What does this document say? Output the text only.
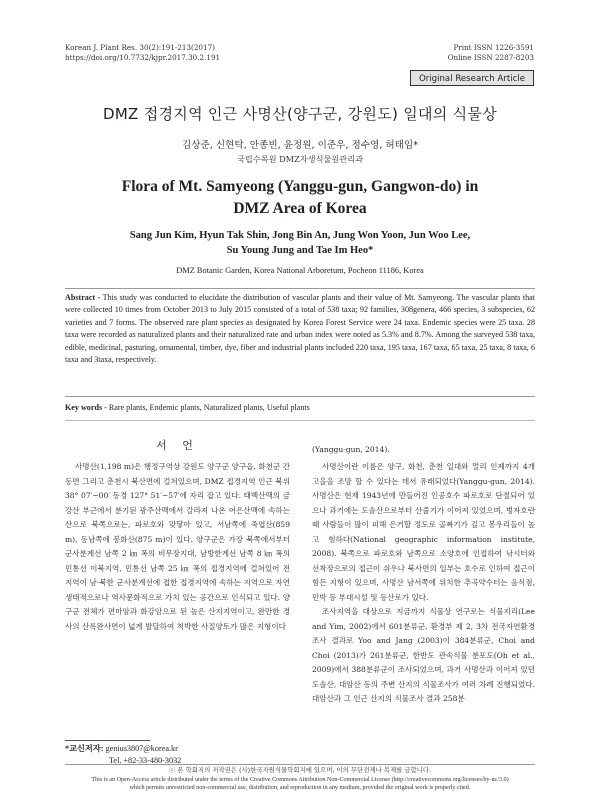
Korean J. Plant Res. 30(2):191-213(2017)
https://doi.org/10.7732/kjpr.2017.30.2.191
Print ISSN 1226-3591
Online ISSN 2287-8203
Original Research Article
DMZ 접경지역 인근 사명산(양구군, 강원도) 일대의 식물상
김상준, 신현탁, 안종빈, 윤정원, 이준우, 정수영, 허태임*
국립수목원 DMZ자생식물원관리과
Flora of Mt. Samyeong (Yanggu-gun, Gangwon-do) in
DMZ Area of Korea
Sang Jun Kim, Hyun Tak Shin, Jong Bin An, Jung Won Yoon, Jun Woo Lee,
Su Young Jung and Tae Im Heo*
DMZ Botanic Garden, Korea National Arboretum, Pocheon 11186, Korea
Abstract - This study was conducted to elucidate the distribution of vascular plants and their value of Mt. Samyeong. The vascular plants that were collected 10 times from October 2013 to July 2015 consisted of a total of 538 taxa; 92 families, 308genera, 466 species, 3 subspecies, 62 varieties and 7 forms. The observed rare plant species as designated by Korea Forest Service were 24 taxa. Endemic species were 25 taxa. 28 taxa were recorded as naturalized plants and their naturalized rate and urban index were noted as 5.3% and 8.7%. Among the surveyed 538 taxa, edible, medicinal, pasturing, ornamental, timber, dye, fiber and industrial plants included 220 taxa, 195 taxa, 167 taxa, 65 taxa, 25 taxa, 8 taxa, 6 taxa and 3taxa, respectively.
Key words - Rare plants, Endemic plants, Naturalized plants, Useful plants
서 언
사명산(1,198 m)은 행정구역상 강원도 양구군 양구읍, 화천군 간동면 그리고 춘천시 북산면에 걸쳐있으며, DMZ 접경지역 인근 북위 38° 07′~00′ 동경 127° 51′~57′에 자리 잡고 있다. 태백산맥의 금강산 부근에서 분기된 광주산맥에서 갈라져 나온 어은산맥에 속하는 산으로 북쪽으로는, 파로호와 맞닿아 있고, 서남쪽에 죽엽산(859 m), 동남쪽에 봉화산(875 m)이 있다. 양구군은 가장 북쪽에서부터 군사분계선 남쪽 2 ㎞ 폭의 비무장지대, 남방한계선 남쪽 8 ㎞ 폭의 민통선 이북지역, 민통선 남쪽 25 ㎞ 폭의 접경지역에 걸쳐있어 전 지역이 남·북한 군사분계선에 접한 접경지역에 속하는 지역으로 자연생태적으로나 역사문화적으로 가치 있는 공간으로 인식되고 있다. 양구군 전체가 편마암과 화강암으로 된 높은 산지지역이고, 완만한 경사의 산록완사면이 넓게 발달하여 척박한 사질양토가 많은 지형이다
(Yanggu-gun, 2014).

사명산이란 이름은 양구, 화천, 춘천 일대와 멀리 인제까지 4개 고을을 조망 할 수 있다는 데서 유래되었다(Yanggu-gun, 2014). 사명산은 현재 1943년에 만들어진 인공호수 파로호로 단절되어 있으나 과거에는 도솔산으로부터 산줄기가 이어져 있었으며, 벙자호란 때 사람들이 많이 피해 은거할 정도로 골짜기가 깊고 봉우리들이 높고 험하다(National geographic information institute, 2008). 북쪽으로 파로호와 남쪽으로 소양호에 인접하여 낚시터와 선착장으로의 접근이 쉬우나 북사면의 일부는 호수로 인하여 접근이 힘든 지형이 있으며, 사명산 남서쪽에 위치한 추곡약수터는 음식점, 민박 등 부대시설 및 등산로가 있다.

조사지역을 대상으로 지금까지 식물상 연구로는 식물지리(Lee and Yim, 2002)에서 601분류군, 환경부 제 2, 3차 전국자연환경조사 결과로 Yoo and Jang (2003)이 384분류군, Choi and Choi (2013)가 261분류군, 한반도 관속식물 분포도(Oh et al., 2009)에서 388분류군이 조사되었으며, 과거 사명산과 이어져 있던 도솔산, 대암산 등의 주변 산지의 식물조사가 여러 차례 진행되었다. 대암산과 그 인근 산지의 식물조사 결과 258분

*교신저자: genius3807@korea.kr
Tel. +82-33-480-3032
ⓒ 본 학회지의 저작권은 (사)한국자원식물학회지에 있으며, 이의 무단전재나 복제를 금합니다.
This is an Open-Access article distributed under the terms of the Creative Commons Attribution Non-Commercial License (http://creativecommons.org/licenses/by-nc/3.0)
which permits unrestricted non-commercial use, distribution, and reproduction in any medium, provided the original work is properly cited.
